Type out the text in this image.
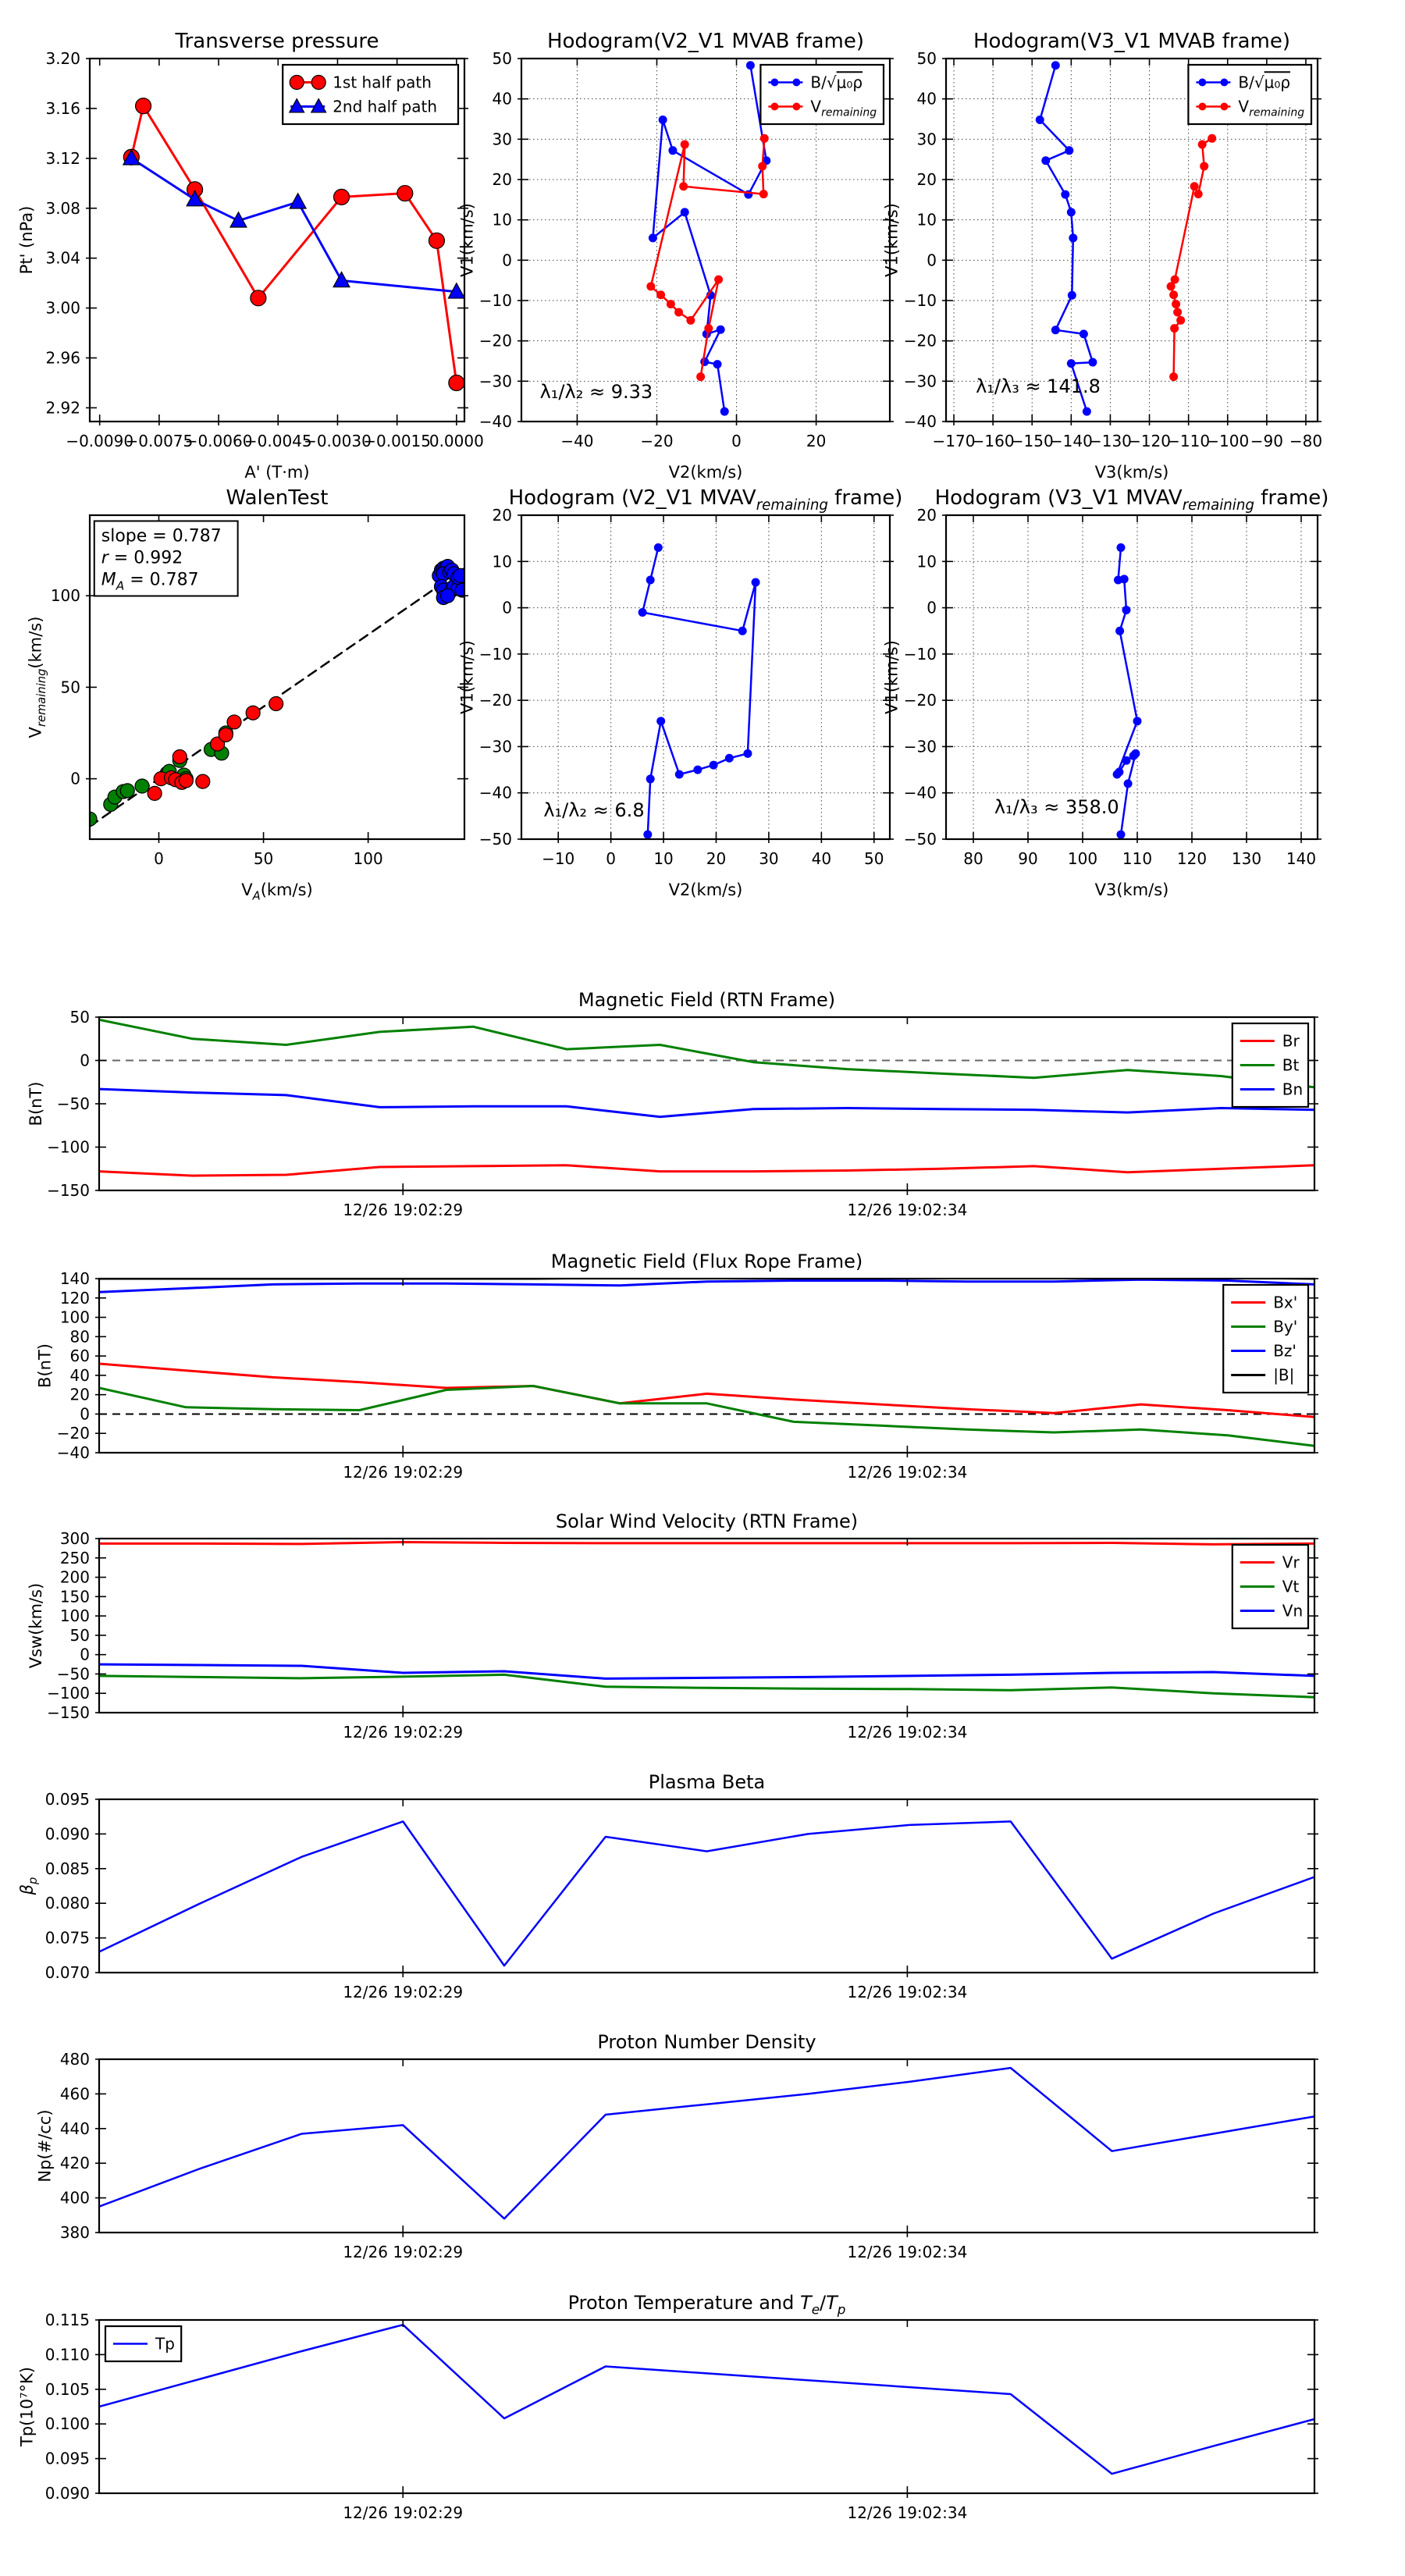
−0.0090
−0.0075
−0.0060
−0.0045
−0.0030
−0.0015
0.0000
2.92
2.96
3.00
3.04
3.08
3.12
3.16
3.20
Transverse pressure
A' (T·m)
Pt' (nPa)
1st half path
2nd half path
−40	−20	0	20
−40
−30
−20
−10
0
10
20
30
40
50
Hodogram(V2_V1 MVAB frame)
V2(km/s)
V1(km/s)
B/√μ₀ρ
$V_{remaining}$
λ₁/λ₂ ≈ 9.33
−170
−160
−150
−140
−130
−120
−110
−100 −90 −80
−40
−30
−20
−10
0
10
20
30
40
50
Hodogram(V3_V1 MVAB frame)
V3(km/s)
V1(km/s)
B/√μ₀ρ
$V_{remaining}$
λ₁/λ₃ ≈ 141.8
0	50	100
0
50
100
WalenTest
$V_A(km/s)$
$V_{remaining}(km/s)$
slope = 0.787
r = 0.992
$M_A = 0.787$
−10 0 10 20 30 40 50
−50
−40
−30
−20
−10
0
10
20
Hodogram (V2_V1 $MVAV_{remaining}$ frame)
V2(km/s)
V1(km/s)
λ₁/λ₂ ≈ 6.8
80 90 100 110 120 130 140
−50
−40
−30
−20
−10
0
10
20
Hodogram (V3_V1 $MVAV_{remaining}$ frame)
V3(km/s)
V1(km/s)
λ₁/λ₃ ≈ 358.0
12/26 19:02:29	12/26 19:02:34
−150
−100
−50
0
50
Magnetic Field (RTN Frame)
B(nT)
Br
Bt
Bn
12/26 19:02:29	12/26 19:02:34
−40
−20
0
20
40
60
80
100
120
140
Magnetic Field (Flux Rope Frame)
B(nT)
Bx'
By'
Bz'
|B|
12/26 19:02:29	12/26 19:02:34
−150
−100
−50
0
50
100
150
200
250
300
Solar Wind Velocity (RTN Frame)
Vsw(km/s)
Vr
Vt
Vn
12/26 19:02:29	12/26 19:02:34
0.070
0.075
0.080
0.085
0.090
0.095
Plasma Beta
$\beta_p$
12/26 19:02:29	12/26 19:02:34
380
400
420
440
460
480
Proton Number Density
Np(#/cc)
12/26 19:02:29	12/26 19:02:34
0.090
0.095
0.100
0.105
0.110
0.115
Proton Temperature and $T_e/T_p$
Tp(10⁷°K)
Tp
